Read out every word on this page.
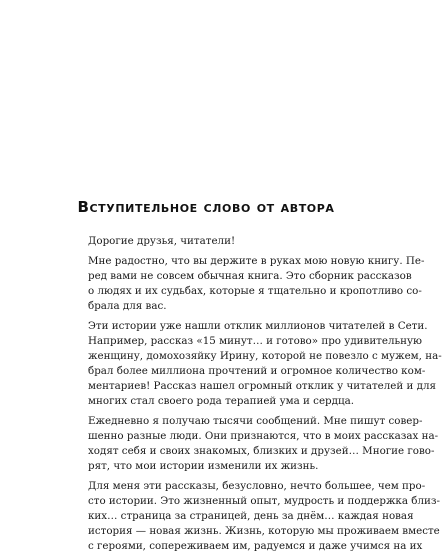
Вступительное слово от автора
Дорогие друзья, читатели!
Мне радостно, что вы держите в руках мою новую книгу. Пе-
ред вами не совсем обычная книга. Это сборник рассказов
о людях и их судьбах, которые я тщательно и кропотливо со-
брала для вас.
Эти истории уже нашли отклик миллионов читателей в Сети.
Например, рассказ «15 минут… и готово» про удивительную
женщину, домохозяйку Ирину, которой не повезло с мужем, на-
брал более миллиона прочтений и огромное количество ком-
ментариев! Рассказ нашел огромный отклик у читателей и для
многих стал своего рода терапией ума и сердца.
Ежедневно я получаю тысячи сообщений. Мне пишут совер-
шенно разные люди. Они признаются, что в моих рассказах на-
ходят себя и своих знакомых, близких и друзей… Многие гово-
рят, что мои истории изменили их жизнь.
Для меня эти рассказы, безусловно, нечто большее, чем про-
сто истории. Это жизненный опыт, мудрость и поддержка близ-
ких… страница за страницей, день за днём… каждая новая
история — новая жизнь. Жизнь, которую мы проживаем вместе
с героями, сопереживаем им, радуемся и даже учимся на их
